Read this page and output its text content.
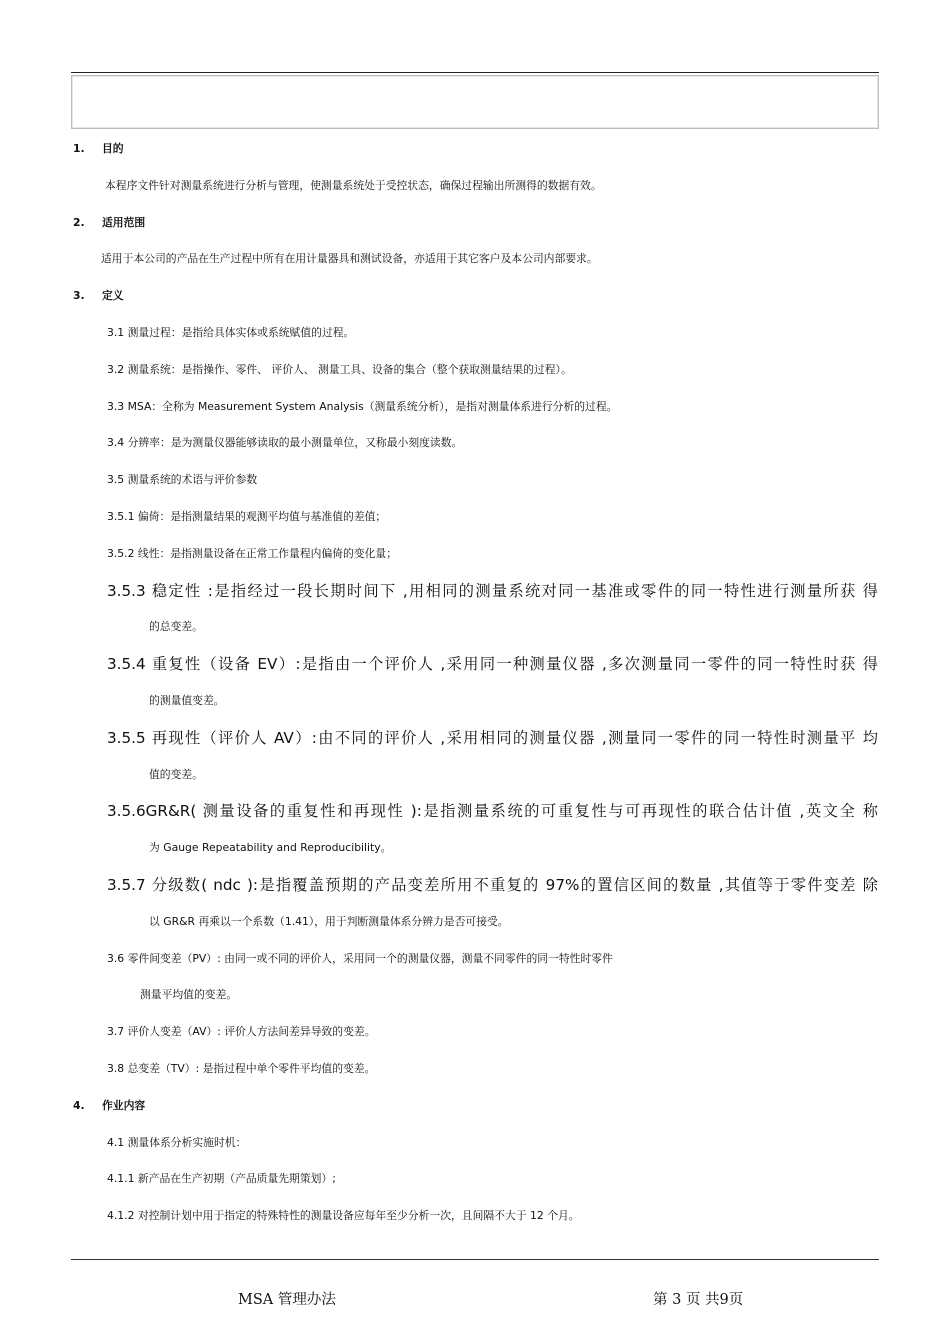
1. 目的
本程序文件针对测量系统进行分析与管理，使测量系统处于受控状态，确保过程输出所测得的数据有效。
2. 适用范围
适用于本公司的产品在生产过程中所有在用计量器具和测试设备，亦适用于其它客户及本公司内部要求。
3. 定义
3.1 测量过程：是指给具体实体或系统赋值的过程。
3.2 测量系统：是指操作、零件、 评价人、 测量工具、设备的集合（整个获取测量结果的过程）。
3.3 MSA：全称为 Measurement System Analysis（测量系统分析），是指对测量体系进行分析的过程。
3.4 分辨率：是为测量仪器能够读取的最小测量单位，又称最小刻度读数。
3.5 测量系统的术语与评价参数
3.5.1 偏倚：是指测量结果的观测平均值与基准值的差值；
3.5.2 线性：是指测量设备在正常工作量程内偏倚的变化量；
3.5.3 稳定性 :是指经过一段长期时间下 ,用相同的测量系统对同一基准或零件的同一特性进行测量所获 得
的总变差。
3.5.4 重复性（设备 EV）:是指由一个评价人 ,采用同一种测量仪器 ,多次测量同一零件的同一特性时获 得
的测量值变差。
3.5.5 再现性（评价人 AV）:由不同的评价人 ,采用相同的测量仪器 ,测量同一零件的同一特性时测量平 均
值的变差。
3.5.6GR&R( 测量设备的重复性和再现性 ):是指测量系统的可重复性与可再现性的联合估计值 ,英文全 称
为 Gauge Repeatability and Reproducibility。
3.5.7 分级数( ndc ):是指覆盖预期的产品变差所用不重复的 97%的置信区间的数量 ,其值等于零件变差 除
以 GR&R 再乘以一个系数（1.41），用于判断测量体系分辨力是否可接受。
3.6 零件间变差（PV）: 由同一或不同的评价人，采用同一个的测量仪器，测量不同零件的同一特性时零件
测量平均值的变差。
3.7 评价人变差（AV）: 评价人方法间差异导致的变差。
3.8 总变差（TV）: 是指过程中单个零件平均值的变差。
4. 作业内容
4.1 测量体系分析实施时机：
4.1.1 新产品在生产初期（产品质量先期策划）;
4.1.2 对控制计划中用于指定的特殊特性的测量设备应每年至少分析一次，且间隔不大于 12 个月。
MSA 管理办法	第 3 页 共9页
